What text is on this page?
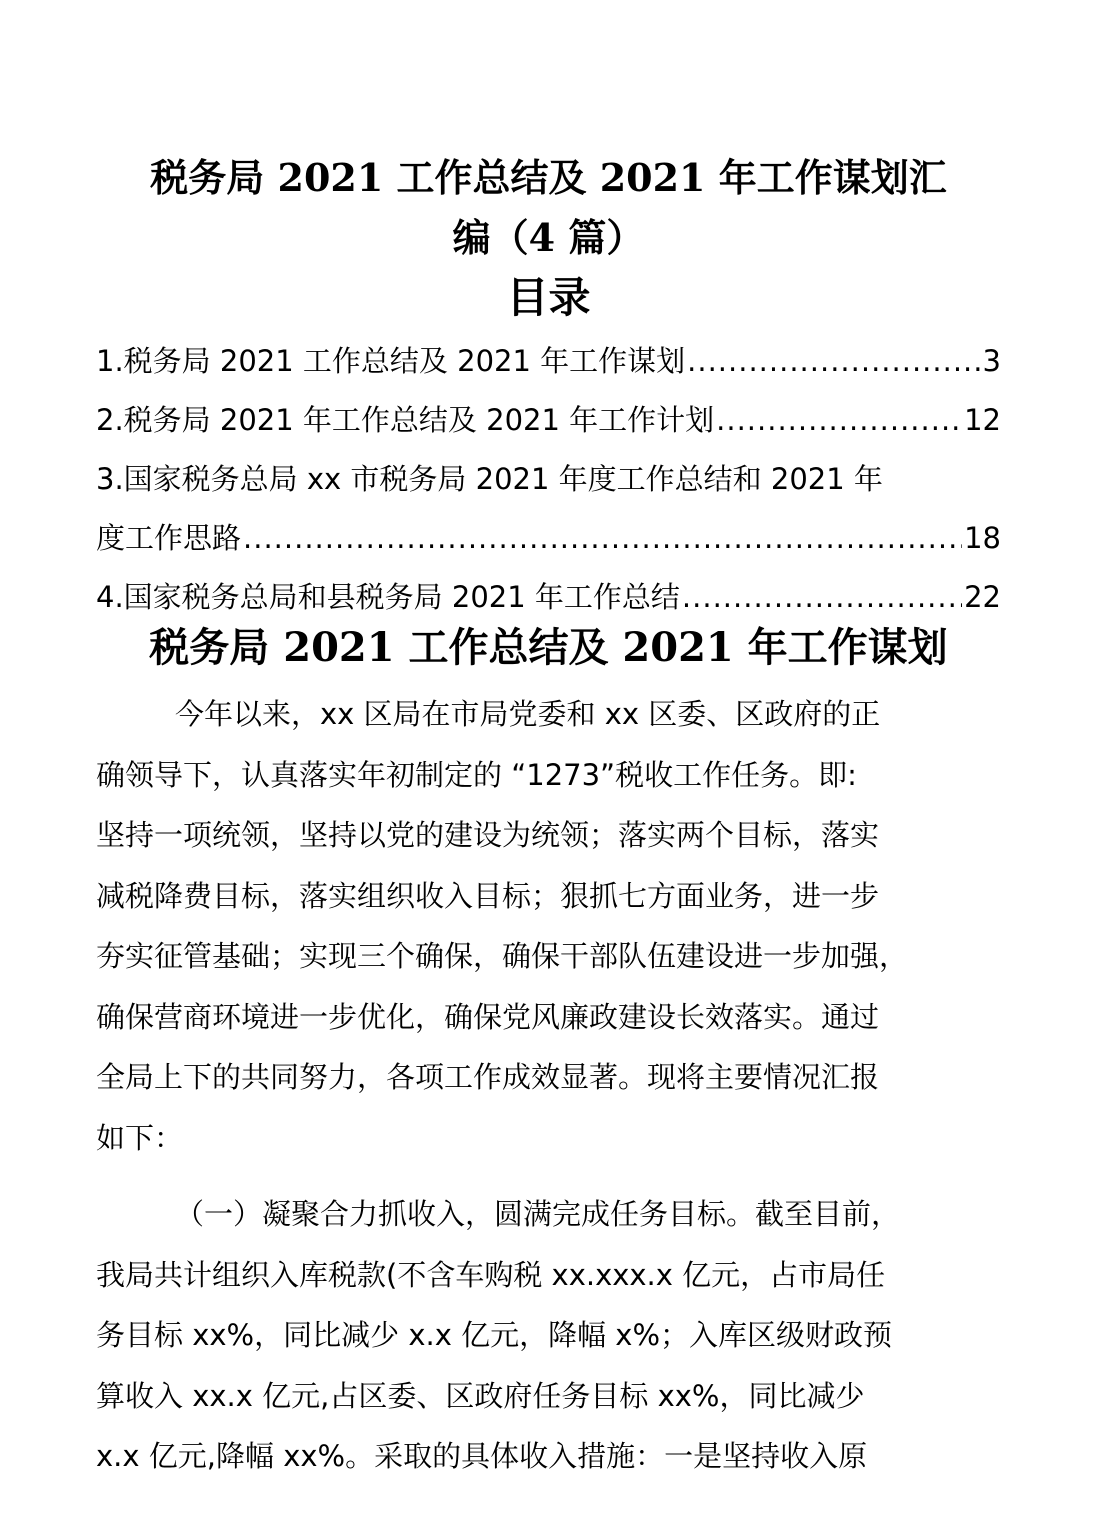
税务局 2021 工作总结及 2021 年工作谋划汇
编（4 篇）
目录
1.税务局 2021 工作总结及 2021 年工作谋划 .....	3
2.税务局 2021 年工作总结及 2021 年工作计划 .....	12
3.国家税务总局 xx 市税务局 2021 年度工作总结和 2021 年
度工作思路 .....	18
4.国家税务总局和县税务局 2021 年工作总结 .....	22
税务局 2021 工作总结及 2021 年工作谋划

今年以来，xx 区局在市局党委和 xx 区委、区政府的正
确领导下，认真落实年初制定的 “1273”税收工作任务。即:
坚持一项统领，坚持以党的建设为统领；落实两个目标，落实
减税降费目标，落实组织收入目标；狠抓七方面业务，进一步
夯实征管基础；实现三个确保，确保干部队伍建设进一步加强，
确保营商环境进一步优化，确保党风廉政建设长效落实。通过
全局上下的共同努力，各项工作成效显著。现将主要情况汇报
如下：

（一）凝聚合力抓收入，圆满完成任务目标。截至目前，
我局共计组织入库税款(不含车购税 xx.xxx.x 亿元，占市局任
务目标 xx%，同比减少 x.x 亿元，降幅 x%；入库区级财政预
算收入 xx.x 亿元,占区委、区政府任务目标 xx%，同比减少
x.x 亿元,降幅 xx%。采取的具体收入措施：一是坚持收入原
